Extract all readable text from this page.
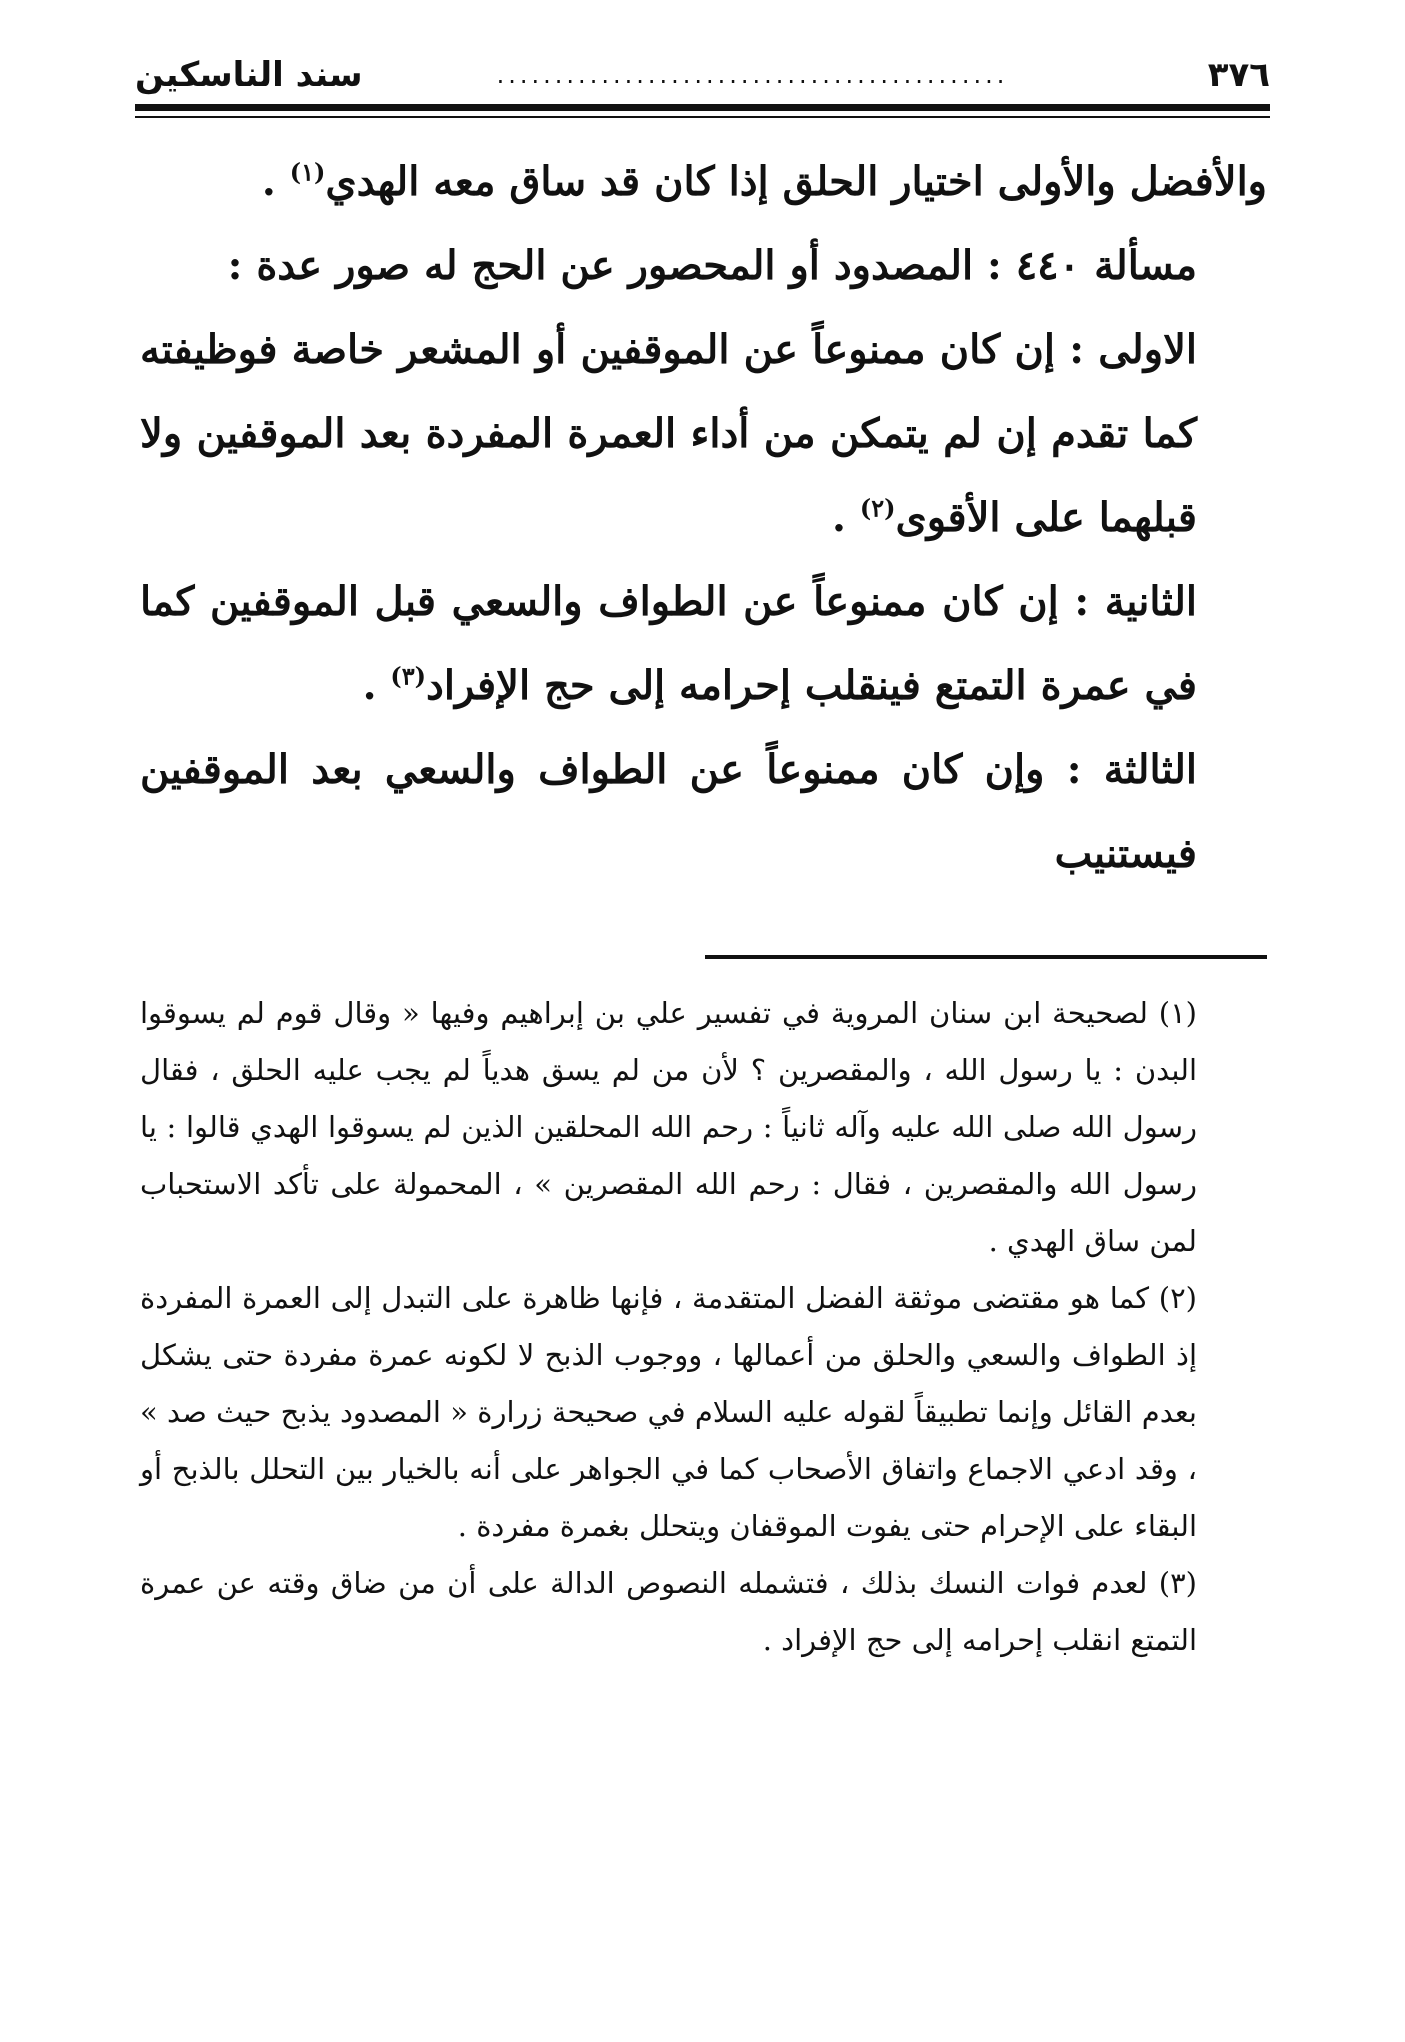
٣٧٦
............................................
سند الناسكين

والأفضل والأولى اختيار الحلق إذا كان قد ساق معه الهدي$^{(١)}$ .

مسألة ٤٤٠ : المصدود أو المحصور عن الحج له صور عدة :

الاولى : إن كان ممنوعاً عن الموقفين أو المشعر خاصة فوظيفته كما تقدم إن لم يتمكن من أداء العمرة المفردة بعد الموقفين ولا قبلهما على الأقوى$^{(٢)}$ .

الثانية : إن كان ممنوعاً عن الطواف والسعي قبل الموقفين كما في عمرة التمتع فينقلب إحرامه إلى حج الإفراد$^{(٣)}$ .

الثالثة : وإن كان ممنوعاً عن الطواف والسعي بعد الموقفين فيستنيب

(١) لصحيحة ابن سنان المروية في تفسير علي بن إبراهيم وفيها « وقال قوم لم يسوقوا البدن : يا رسول الله ، والمقصرين ؟ لأن من لم يسق هدياً لم يجب عليه الحلق ، فقال رسول الله صلى الله عليه وآله ثانياً : رحم الله المحلقين الذين لم يسوقوا الهدي قالوا : يا رسول الله والمقصرين ، فقال : رحم الله المقصرين » ، المحمولة على تأكد الاستحباب لمن ساق الهدي .

(٢) كما هو مقتضى موثقة الفضل المتقدمة ، فإنها ظاهرة على التبدل إلى العمرة المفردة إذ الطواف والسعي والحلق من أعمالها ، ووجوب الذبح لا لكونه عمرة مفردة حتى يشكل بعدم القائل وإنما تطبيقاً لقوله عليه السلام في صحيحة زرارة « المصدود يذبح حيث صد » ، وقد ادعي الاجماع واتفاق الأصحاب كما في الجواهر على أنه بالخيار بين التحلل بالذبح أو البقاء على الإحرام حتى يفوت الموقفان ويتحلل بغمرة مفردة .

(٣) لعدم فوات النسك بذلك ، فتشمله النصوص الدالة على أن من ضاق وقته عن عمرة التمتع انقلب إحرامه إلى حج الإفراد .
